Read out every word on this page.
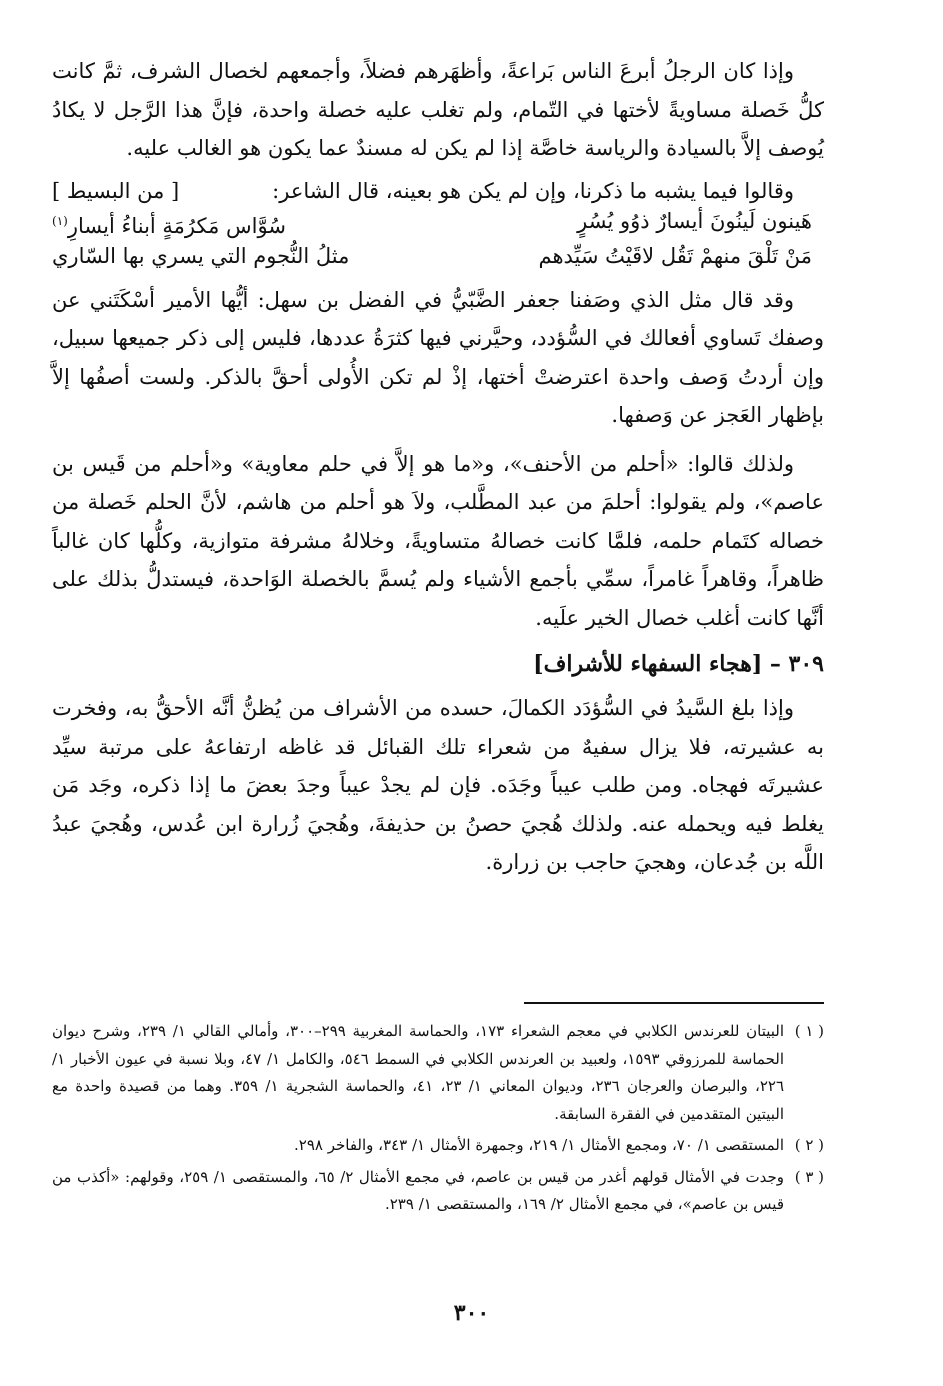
وإذا كان الرجلُ أبرعَ الناس بَراعةً، وأظهَرهم فضلاً، وأجمعهم لخصال الشرف، ثمَّ كانت كلُّ خَصلة مساويةً لأختها في التّمام، ولم تغلب عليه خصلة واحدة، فإنَّ هذا الرَّجل لا يكادُ يُوصف إلاَّ بالسيادة والرياسة خاصَّة إذا لم يكن له مسندٌ عما يكون هو الغالب عليه.

وقالوا فيما يشبه ما ذكرنا، وإن لم يكن هو بعينه، قال الشاعر:
[ من البسيط ]
هَينون لَينُونَ أيسارٌ ذوُو يُسُرٍ
سُوَّاس مَكرُمَةٍ أبناءُ أيسارِ$^{(١)}$
مَنْ تَلْقَ منهمْ تَقُل لاقَيْتُ سَيِّدهم
مثلُ النُّجوم التي يسري بها السّاري

وقد قال مثل الذي وصَفنا جعفر الضَّبّيُّ في الفضل بن سهل: أيُّها الأمير أسْكَتَني عن وصفك تَساوي أفعالك في السُّؤدد، وحيَّرني فيها كثرَةُ عددها، فليس إلى ذكر جميعها سبيل، وإن أردتُ وَصف واحدة اعترضتْ أختها، إذْ لم تكن الأُولى أحقَّ بالذكر. ولست أصفُها إلاَّ بإظهار العَجز عن وَصفها.

ولذلك قالوا: «أحلم من الأحنف»، و«ما هو إلاَّ في حلم معاوية» و«أحلم من قَيس بن عاصم»، ولم يقولوا: أحلمَ من عبد المطَّلب، ولاَ هو أحلم من هاشم، لأنَّ الحلم خَصلة من خصاله كتَمام حلمه، فلمَّا كانت خصالهُ متساويةً، وخلالهُ مشرفة متوازية، وكلُّها كان غالباً ظاهراً، وقاهراً غامراً، سمِّي بأجمع الأشياء ولم يُسمَّ بالخصلة الوَاحدة، فيستدلُّ بذلك على أنَّها كانت أغلب خصال الخير علَيه.

٣٠٩ – [هجاء السفهاء للأشراف]

وإذا بلغ السَّيدُ في السُّؤدَد الكمالَ، حسده من الأشراف من يُظنُّ أنَّه الأحقُّ به، وفخرت به عشيرته، فلا يزال سفيهٌ من شعراء تلك القبائل قد غاظه ارتفاعهُ على مرتبة سيِّد عشيرتَه فهجاه. ومن طلب عيباً وجَدَه. فإن لم يجدْ عيباً وجدَ بعضَ ما إذا ذكره، وجَد مَن يغلط فيه ويحمله عنه. ولذلك هُجيَ حصنُ بن حذيفةَ، وهُجيَ زُرارة ابن عُدس، وهُجيَ عبدُ اللَّه بن جُدعان، وهجيَ حاجب بن زرارة.

( ١ )
البيتان للعرندس الكلابي في معجم الشعراء ١٧٣، والحماسة المغربية ٢٩٩–٣٠٠، وأمالي القالي ١/ ٢٣٩، وشرح ديوان الحماسة للمرزوقي ١٥٩٣، ولعبيد بن العرندس الكلابي في السمط ٥٤٦، والكامل ١/ ٤٧، وبلا نسبة في عيون الأخبار ١/ ٢٢٦، والبرصان والعرجان ٢٣٦، وديوان المعاني ١/ ٢٣، ٤١، والحماسة الشجرية ١/ ٣٥٩. وهما من قصيدة واحدة مع البيتين المتقدمين في الفقرة السابقة.
( ٢ )
المستقصى ١/ ٧٠، ومجمع الأمثال ١/ ٢١٩، وجمهرة الأمثال ١/ ٣٤٣، والفاخر ٢٩٨.
( ٣ )
وجدت في الأمثال قولهم أغدر من قيس بن عاصم، في مجمع الأمثال ٢/ ٦٥، والمستقصى ١/ ٢٥٩، وقولهم: «أكذب من قيس بن عاصم»، في مجمع الأمثال ٢/ ١٦٩، والمستقصى ١/ ٢٣٩.
٣٠٠
